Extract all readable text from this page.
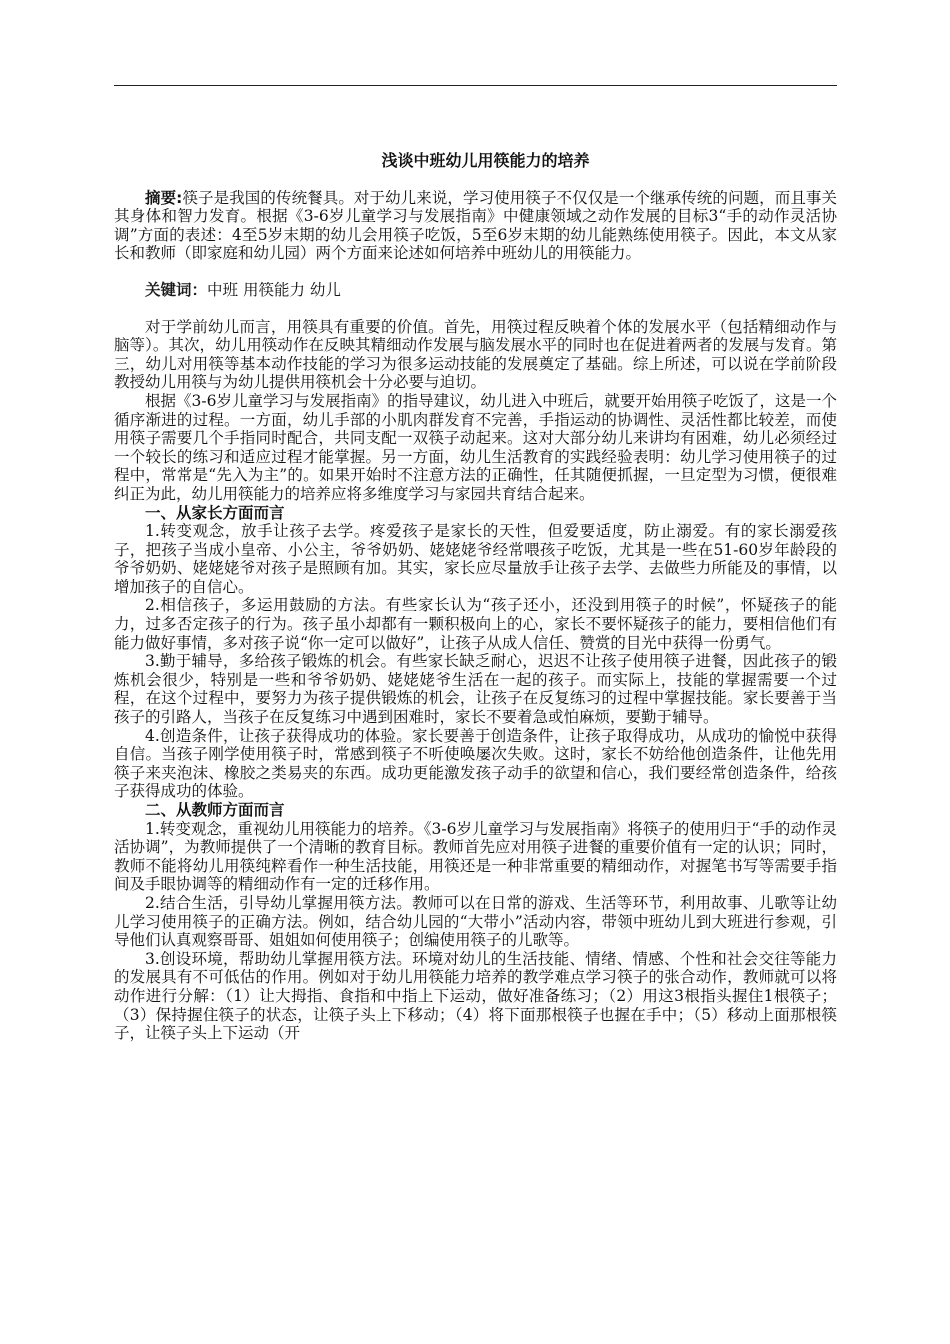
浅谈中班幼儿用筷能力的培养

摘要:筷子是我国的传统餐具。对于幼儿来说，学习使用筷子不仅仅是一个继承传统的问题，而且事关其身体和智力发育。根据《3-6岁儿童学习与发展指南》中健康领域之动作发展的目标3“手的动作灵活协调”方面的表述：4至5岁末期的幼儿会用筷子吃饭，5至6岁末期的幼儿能熟练使用筷子。因此，本文从家长和教师（即家庭和幼儿园）两个方面来论述如何培养中班幼儿的用筷能力。

关键词：中班 用筷能力 幼儿

对于学前幼儿而言，用筷具有重要的价值。首先，用筷过程反映着个体的发展水平（包括精细动作与脑等）。其次，幼儿用筷动作在反映其精细动作发展与脑发展水平的同时也在促进着两者的发展与发育。第三，幼儿对用筷等基本动作技能的学习为很多运动技能的发展奠定了基础。综上所述，可以说在学前阶段教授幼儿用筷与为幼儿提供用筷机会十分必要与迫切。

根据《3-6岁儿童学习与发展指南》的指导建议，幼儿进入中班后，就要开始用筷子吃饭了，这是一个循序渐进的过程。一方面，幼儿手部的小肌肉群发育不完善，手指运动的协调性、灵活性都比较差，而使用筷子需要几个手指同时配合，共同支配一双筷子动起来。这对大部分幼儿来讲均有困难，幼儿必须经过一个较长的练习和适应过程才能掌握。另一方面，幼儿生活教育的实践经验表明：幼儿学习使用筷子的过程中，常常是“先入为主”的。如果开始时不注意方法的正确性，任其随便抓握，一旦定型为习惯，便很难纠正为此，幼儿用筷能力的培养应将多维度学习与家园共育结合起来。

一、从家长方面而言

1.转变观念，放手让孩子去学。疼爱孩子是家长的天性，但爱要适度，防止溺爱。有的家长溺爱孩子，把孩子当成小皇帝、小公主，爷爷奶奶、姥姥姥爷经常喂孩子吃饭，尤其是一些在51-60岁年龄段的爷爷奶奶、姥姥姥爷对孩子是照顾有加。其实，家长应尽量放手让孩子去学、去做些力所能及的事情，以增加孩子的自信心。

2.相信孩子，多运用鼓励的方法。有些家长认为“孩子还小，还没到用筷子的时候”，怀疑孩子的能力，过多否定孩子的行为。孩子虽小却都有一颗积极向上的心，家长不要怀疑孩子的能力，要相信他们有能力做好事情，多对孩子说“你一定可以做好”，让孩子从成人信任、赞赏的目光中获得一份勇气。

3.勤于辅导，多给孩子锻炼的机会。有些家长缺乏耐心，迟迟不让孩子使用筷子进餐，因此孩子的锻炼机会很少，特别是一些和爷爷奶奶、姥姥姥爷生活在一起的孩子。而实际上，技能的掌握需要一个过程，在这个过程中，要努力为孩子提供锻炼的机会，让孩子在反复练习的过程中掌握技能。家长要善于当孩子的引路人，当孩子在反复练习中遇到困难时，家长不要着急或怕麻烦，要勤于辅导。

4.创造条件，让孩子获得成功的体验。家长要善于创造条件，让孩子取得成功，从成功的愉悦中获得自信。当孩子刚学使用筷子时，常感到筷子不听使唤屡次失败。这时，家长不妨给他创造条件，让他先用筷子来夹泡沫、橡胶之类易夹的东西。成功更能激发孩子动手的欲望和信心，我们要经常创造条件，给孩子获得成功的体验。

二、从教师方面而言

1.转变观念，重视幼儿用筷能力的培养。《3-6岁儿童学习与发展指南》将筷子的使用归于“手的动作灵活协调”，为教师提供了一个清晰的教育目标。教师首先应对用筷子进餐的重要价值有一定的认识；同时，教师不能将幼儿用筷纯粹看作一种生活技能，用筷还是一种非常重要的精细动作，对握笔书写等需要手指间及手眼协调等的精细动作有一定的迁移作用。

2.结合生活，引导幼儿掌握用筷方法。教师可以在日常的游戏、生活等环节，利用故事、儿歌等让幼儿学习使用筷子的正确方法。例如，结合幼儿园的“大带小”活动内容，带领中班幼儿到大班进行参观，引导他们认真观察哥哥、姐姐如何使用筷子；创编使用筷子的儿歌等。

3.创设环境，帮助幼儿掌握用筷方法。环境对幼儿的生活技能、情绪、情感、个性和社会交往等能力的发展具有不可低估的作用。例如对于幼儿用筷能力培养的教学难点学习筷子的张合动作，教师就可以将动作进行分解：（1）让大拇指、食指和中指上下运动，做好准备练习；（2）用这3根指头握住1根筷子；（3）保持握住筷子的状态，让筷子头上下移动；（4）将下面那根筷子也握在手中；（5）移动上面那根筷子，让筷子头上下运动（开
